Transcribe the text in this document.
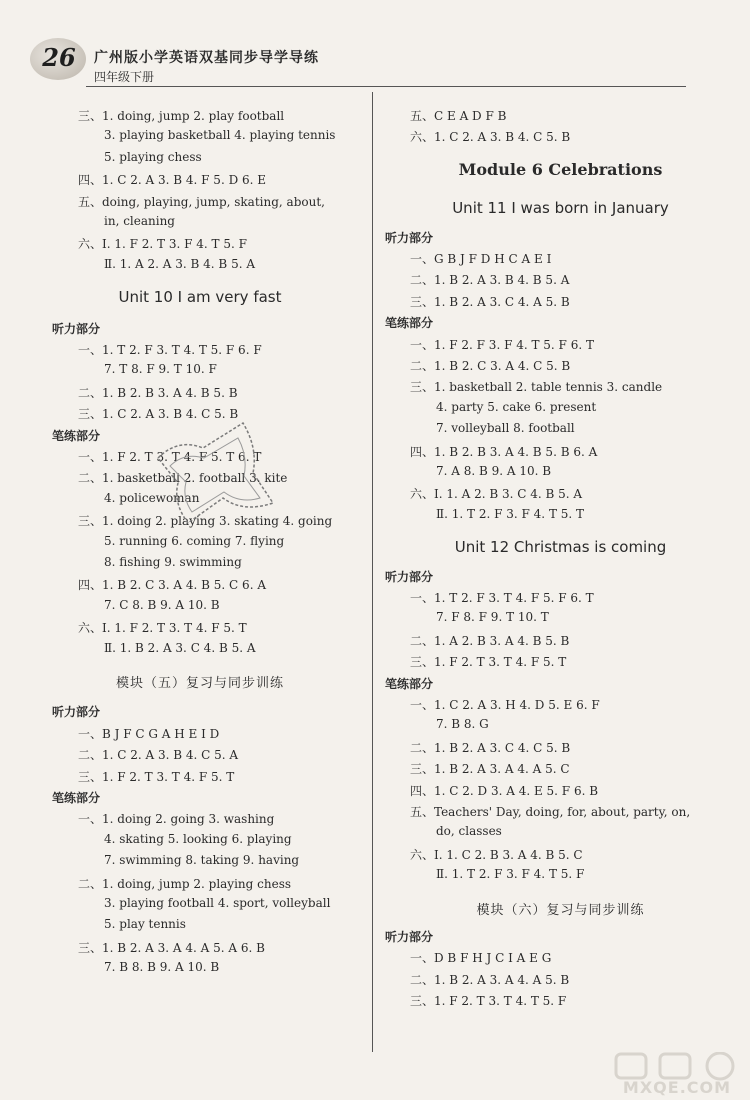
26	广州版小学英语双基同步导学导练
四年级下册
三、1. doing, jump 2. play football
3. playing basketball 4. playing tennis
5. playing chess
四、1. C 2. A 3. B 4. F 5. D 6. E
五、doing, playing, jump, skating, about,
in, cleaning
六、Ⅰ. 1. F 2. T 3. F 4. T 5. F
Ⅱ. 1. A 2. A 3. B 4. B 5. A
Unit 10 I am very fast
听力部分
一、1. T 2. F 3. T 4. T 5. F 6. F
7. T 8. F 9. T 10. F
二、1. B 2. B 3. A 4. B 5. B
三、1. C 2. A 3. B 4. C 5. B
笔练部分
一、1. F 2. T 3. T 4. F 5. T 6. T
二、1. basketball 2. football 3. kite
4. policewoman
三、1. doing 2. playing 3. skating 4. going
5. running 6. coming 7. flying
8. fishing 9. swimming
四、1. B 2. C 3. A 4. B 5. C 6. A
7. C 8. B 9. A 10. B
六、Ⅰ. 1. F 2. T 3. T 4. F 5. T
Ⅱ. 1. B 2. A 3. C 4. B 5. A
模块（五）复习与同步训练
听力部分
一、B J F C G A H E I D
二、1. C 2. A 3. B 4. C 5. A
三、1. F 2. T 3. T 4. F 5. T
笔练部分
一、1. doing 2. going 3. washing
4. skating 5. looking 6. playing
7. swimming 8. taking 9. having
二、1. doing, jump 2. playing chess
3. playing football 4. sport, volleyball
5. play tennis
三、1. B 2. A 3. A 4. A 5. A 6. B
7. B 8. B 9. A 10. B
五、C E A D F B
六、1. C 2. A 3. B 4. C 5. B
Module 6 Celebrations
Unit 11 I was born in January
听力部分
一、G B J F D H C A E I
二、1. B 2. A 3. B 4. B 5. A
三、1. B 2. A 3. C 4. A 5. B
笔练部分
一、1. F 2. F 3. F 4. T 5. F 6. T
二、1. B 2. C 3. A 4. C 5. B
三、1. basketball 2. table tennis 3. candle
4. party 5. cake 6. present
7. volleyball 8. football
四、1. B 2. B 3. A 4. B 5. B 6. A
7. A 8. B 9. A 10. B
六、Ⅰ. 1. A 2. B 3. C 4. B 5. A
Ⅱ. 1. T 2. F 3. F 4. T 5. T
Unit 12 Christmas is coming
听力部分
一、1. T 2. F 3. T 4. F 5. F 6. T
7. F 8. F 9. T 10. T
二、1. A 2. B 3. A 4. B 5. B
三、1. F 2. T 3. T 4. F 5. T
笔练部分
一、1. C 2. A 3. H 4. D 5. E 6. F
7. B 8. G
二、1. B 2. A 3. C 4. C 5. B
三、1. B 2. A 3. A 4. A 5. C
四、1. C 2. D 3. A 4. E 5. F 6. B
五、Teachers' Day, doing, for, about, party, on,
do, classes
六、Ⅰ. 1. C 2. B 3. A 4. B 5. C
Ⅱ. 1. T 2. F 3. F 4. T 5. F
模块（六）复习与同步训练
听力部分
一、D B F H J C I A E G
二、1. B 2. A 3. A 4. A 5. B
三、1. F 2. T 3. T 4. T 5. F
MXQE.COM
